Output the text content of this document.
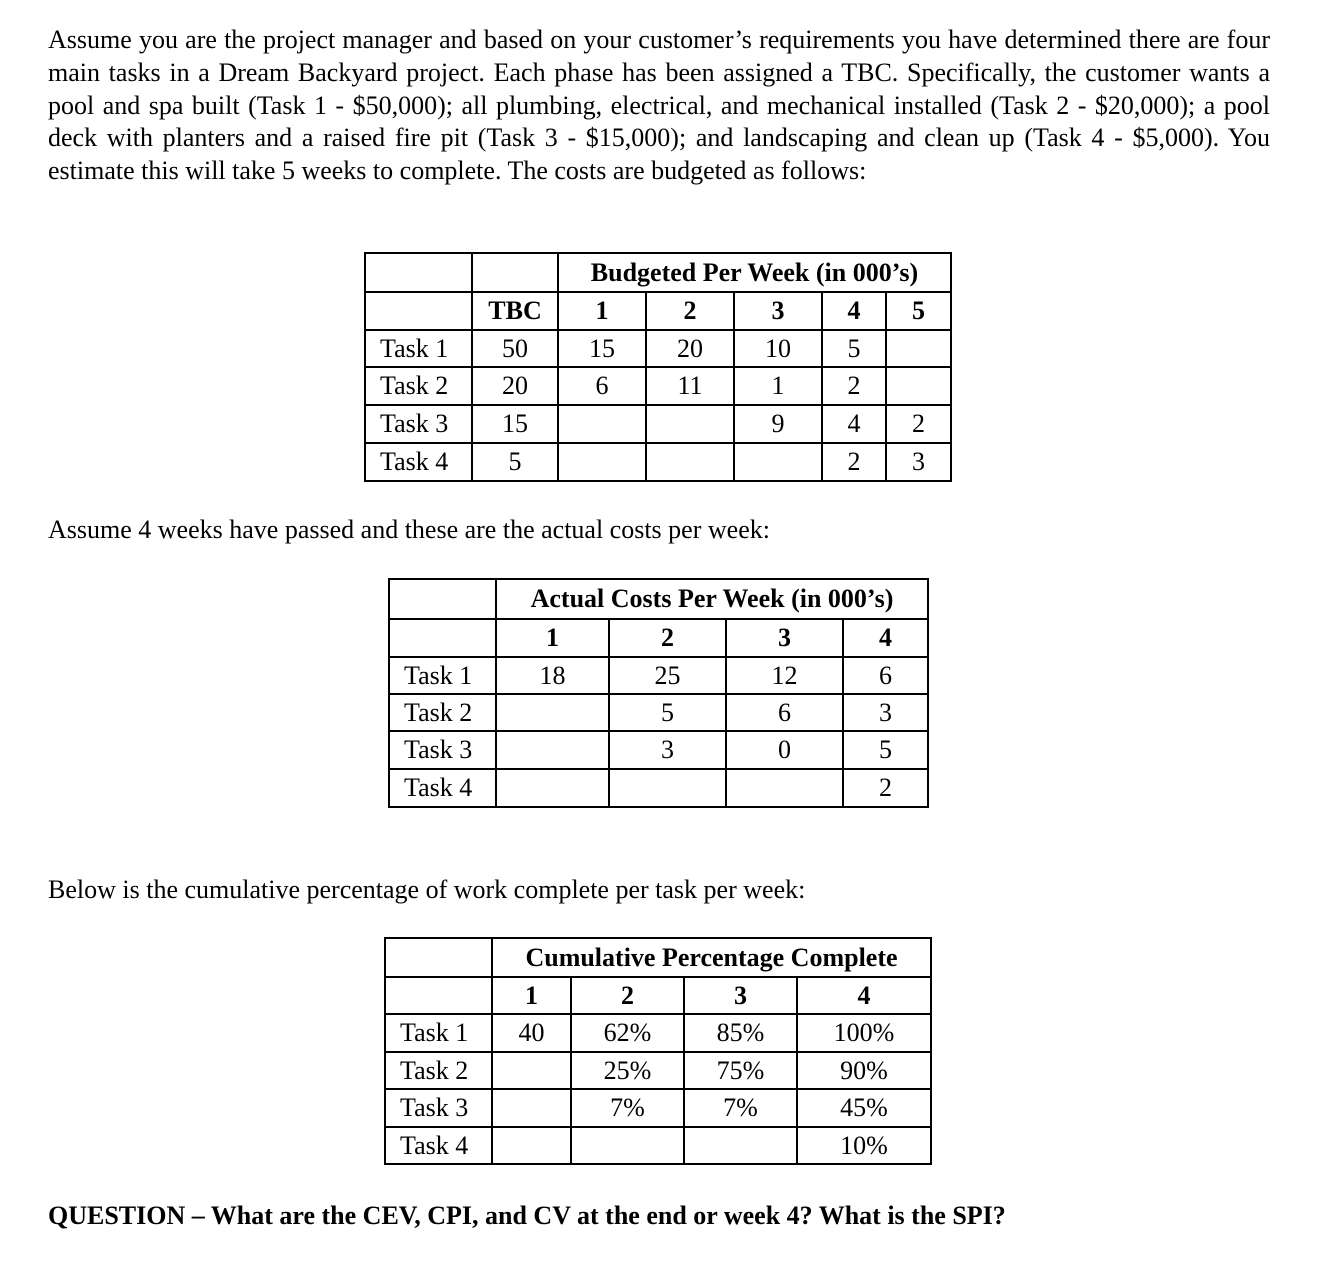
Assume you are the project manager and based on your customer’s requirements you have determined there are four main tasks in a Dream Backyard project. Each phase has been assigned a TBC. Specifically, the customer wants a pool and spa built (Task 1 - $50,000); all plumbing, electrical, and mechanical installed (Task 2 - $20,000); a pool deck with planters and a raised fire pit (Task 3 - $15,000); and landscaping and clean up (Task 4 - $5,000). You estimate this will take 5 weeks to complete. The costs are budgeted as follows:

		Budgeted Per Week (in 000’s)				
	TBC	1	2	3	4	5
Task 1	50	15	20	10	5	
Task 2	20	6	11	1	2	
Task 3	15			9	4	2
Task 4	5				2	3

Assume 4 weeks have passed and these are the actual costs per week:

	Actual Costs Per Week (in 000’s)			
	1	2	3	4
Task 1	18	25	12	6
Task 2		5	6	3
Task 3		3	0	5
Task 4				2

Below is the cumulative percentage of work complete per task per week:

	Cumulative Percentage Complete			
	1	2	3	4
Task 1	40	62%	85%	100%
Task 2		25%	75%	90%
Task 3		7%	7%	45%
Task 4				10%

QUESTION – What are the CEV, CPI, and CV at the end or week 4? What is the SPI?
